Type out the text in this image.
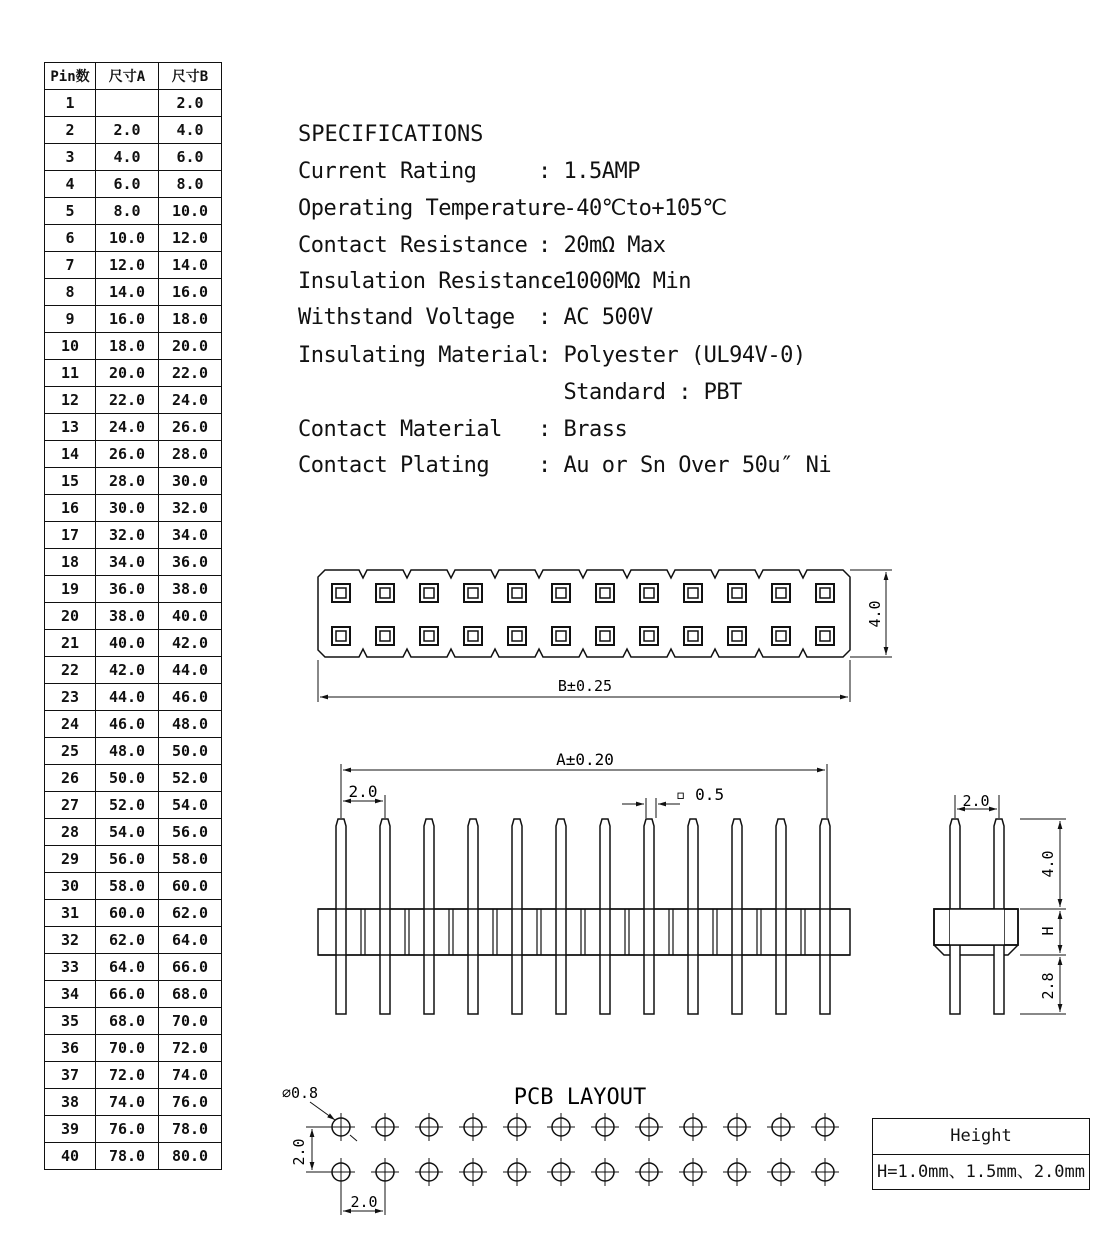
Pin数	尺寸A	尺寸B
1		2.0
2	2.0	4.0
3	4.0	6.0
4	6.0	8.0
5	8.0	10.0
6	10.0	12.0
7	12.0	14.0
8	14.0	16.0
9	16.0	18.0
10	18.0	20.0
11	20.0	22.0
12	22.0	24.0
13	24.0	26.0
14	26.0	28.0
15	28.0	30.0
16	30.0	32.0
17	32.0	34.0
18	34.0	36.0
19	36.0	38.0
20	38.0	40.0
21	40.0	42.0
22	42.0	44.0
23	44.0	46.0
24	46.0	48.0
25	48.0	50.0
26	50.0	52.0
27	52.0	54.0
28	54.0	56.0
29	56.0	58.0
30	58.0	60.0
31	60.0	62.0
32	62.0	64.0
33	64.0	66.0
34	66.0	68.0
35	68.0	70.0
36	70.0	72.0
37	72.0	74.0
38	74.0	76.0
39	76.0	78.0
40	78.0	80.0
SPECIFICATIONS
Current Rating	: 1.5AMP
Operating Temperature
: -40℃to+105℃
Contact Resistance : 20mΩ Max
Insulation Resistance
: 1000MΩ Min
Withstand Voltage : AC 500V
Insulating Material
: Polyester (UL94V-0)
Standard : PBT
Contact Material : Brass
Contact Plating : Au or Sn Over 50u″ Ni
4.0
B±0.25
A±0.20
2.0	▫ 0.5	2.0
4.0
H
2.8
PCB LAYOUT
⌀0.8
2.0
2.0
Height
H=1.0mm、1.5mm、2.0mm
